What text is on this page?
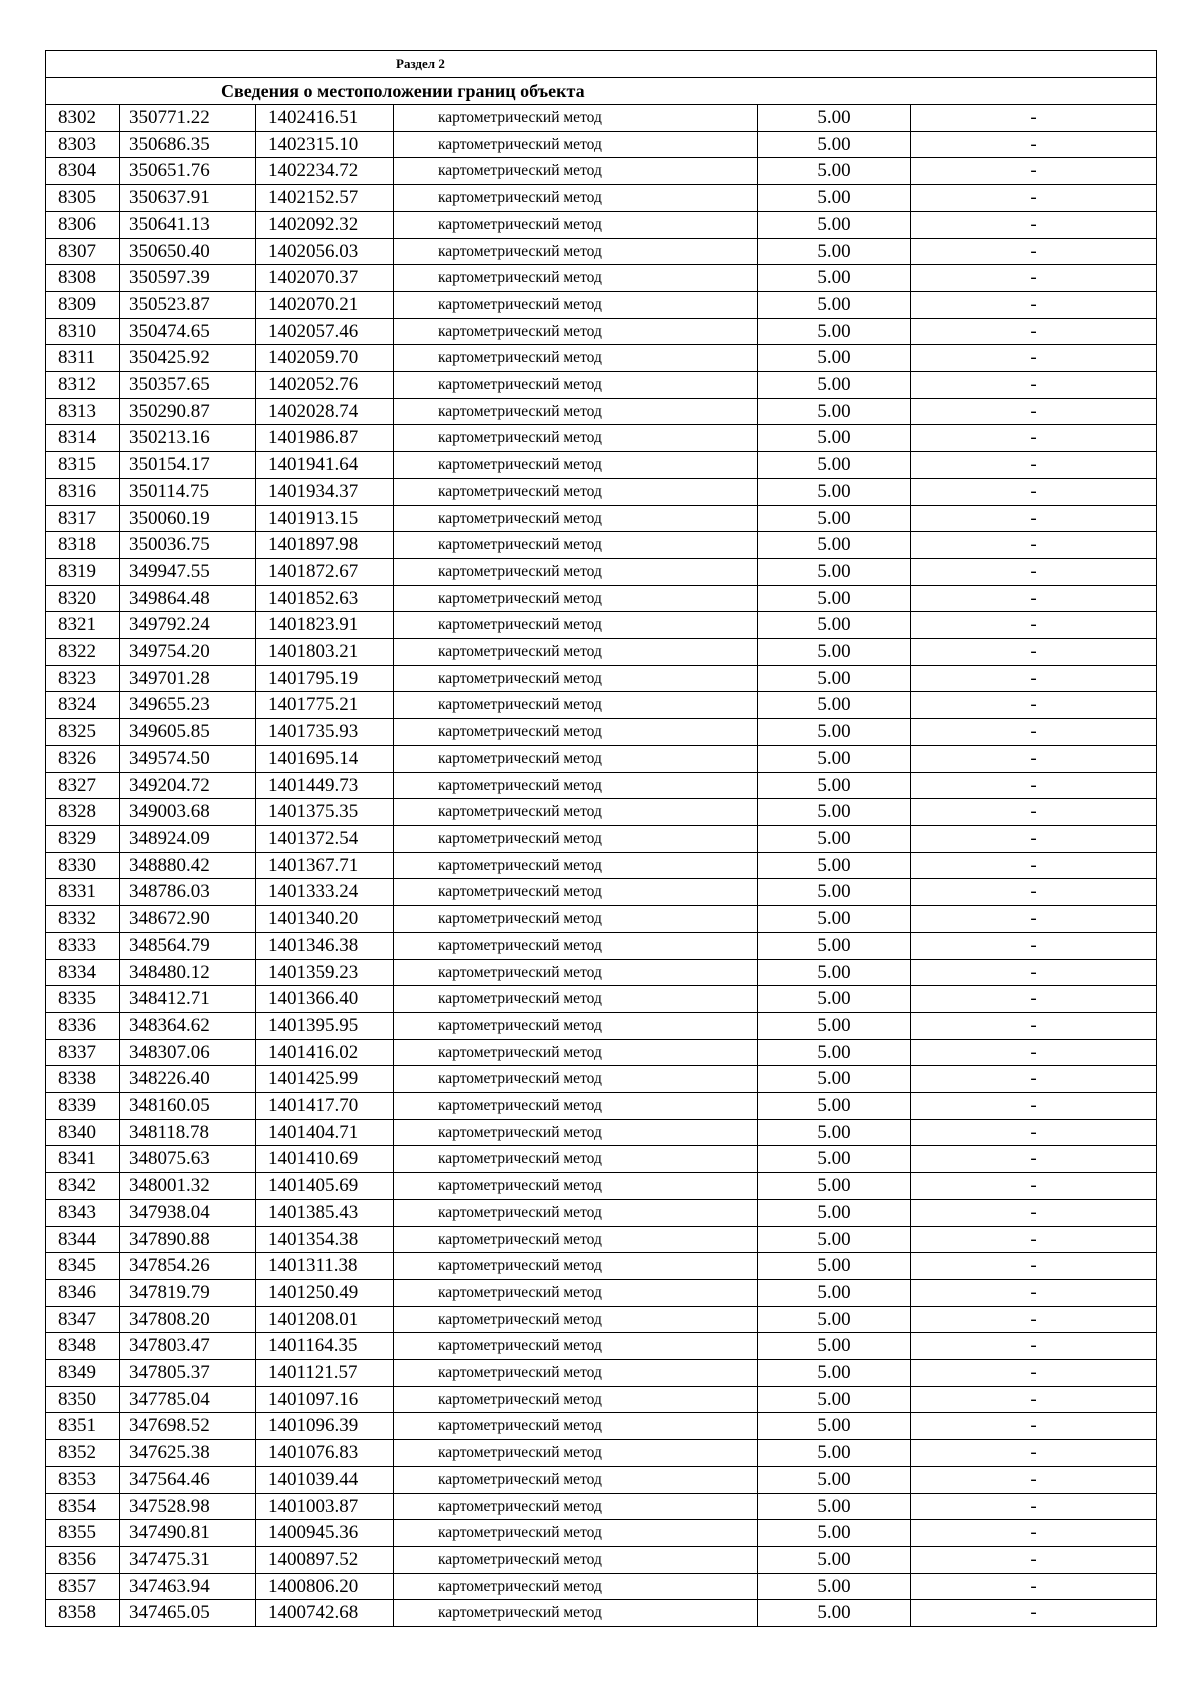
Раздел 2					
Сведения о местоположении границ объекта					
8302	350771.22	1402416.51	картометрический метод	5.00	-
8303	350686.35	1402315.10	картометрический метод	5.00	-
8304	350651.76	1402234.72	картометрический метод	5.00	-
8305	350637.91	1402152.57	картометрический метод	5.00	-
8306	350641.13	1402092.32	картометрический метод	5.00	-
8307	350650.40	1402056.03	картометрический метод	5.00	-
8308	350597.39	1402070.37	картометрический метод	5.00	-
8309	350523.87	1402070.21	картометрический метод	5.00	-
8310	350474.65	1402057.46	картометрический метод	5.00	-
8311	350425.92	1402059.70	картометрический метод	5.00	-
8312	350357.65	1402052.76	картометрический метод	5.00	-
8313	350290.87	1402028.74	картометрический метод	5.00	-
8314	350213.16	1401986.87	картометрический метод	5.00	-
8315	350154.17	1401941.64	картометрический метод	5.00	-
8316	350114.75	1401934.37	картометрический метод	5.00	-
8317	350060.19	1401913.15	картометрический метод	5.00	-
8318	350036.75	1401897.98	картометрический метод	5.00	-
8319	349947.55	1401872.67	картометрический метод	5.00	-
8320	349864.48	1401852.63	картометрический метод	5.00	-
8321	349792.24	1401823.91	картометрический метод	5.00	-
8322	349754.20	1401803.21	картометрический метод	5.00	-
8323	349701.28	1401795.19	картометрический метод	5.00	-
8324	349655.23	1401775.21	картометрический метод	5.00	-
8325	349605.85	1401735.93	картометрический метод	5.00	-
8326	349574.50	1401695.14	картометрический метод	5.00	-
8327	349204.72	1401449.73	картометрический метод	5.00	-
8328	349003.68	1401375.35	картометрический метод	5.00	-
8329	348924.09	1401372.54	картометрический метод	5.00	-
8330	348880.42	1401367.71	картометрический метод	5.00	-
8331	348786.03	1401333.24	картометрический метод	5.00	-
8332	348672.90	1401340.20	картометрический метод	5.00	-
8333	348564.79	1401346.38	картометрический метод	5.00	-
8334	348480.12	1401359.23	картометрический метод	5.00	-
8335	348412.71	1401366.40	картометрический метод	5.00	-
8336	348364.62	1401395.95	картометрический метод	5.00	-
8337	348307.06	1401416.02	картометрический метод	5.00	-
8338	348226.40	1401425.99	картометрический метод	5.00	-
8339	348160.05	1401417.70	картометрический метод	5.00	-
8340	348118.78	1401404.71	картометрический метод	5.00	-
8341	348075.63	1401410.69	картометрический метод	5.00	-
8342	348001.32	1401405.69	картометрический метод	5.00	-
8343	347938.04	1401385.43	картометрический метод	5.00	-
8344	347890.88	1401354.38	картометрический метод	5.00	-
8345	347854.26	1401311.38	картометрический метод	5.00	-
8346	347819.79	1401250.49	картометрический метод	5.00	-
8347	347808.20	1401208.01	картометрический метод	5.00	-
8348	347803.47	1401164.35	картометрический метод	5.00	-
8349	347805.37	1401121.57	картометрический метод	5.00	-
8350	347785.04	1401097.16	картометрический метод	5.00	-
8351	347698.52	1401096.39	картометрический метод	5.00	-
8352	347625.38	1401076.83	картометрический метод	5.00	-
8353	347564.46	1401039.44	картометрический метод	5.00	-
8354	347528.98	1401003.87	картометрический метод	5.00	-
8355	347490.81	1400945.36	картометрический метод	5.00	-
8356	347475.31	1400897.52	картометрический метод	5.00	-
8357	347463.94	1400806.20	картометрический метод	5.00	-
8358	347465.05	1400742.68	картометрический метод	5.00	-
